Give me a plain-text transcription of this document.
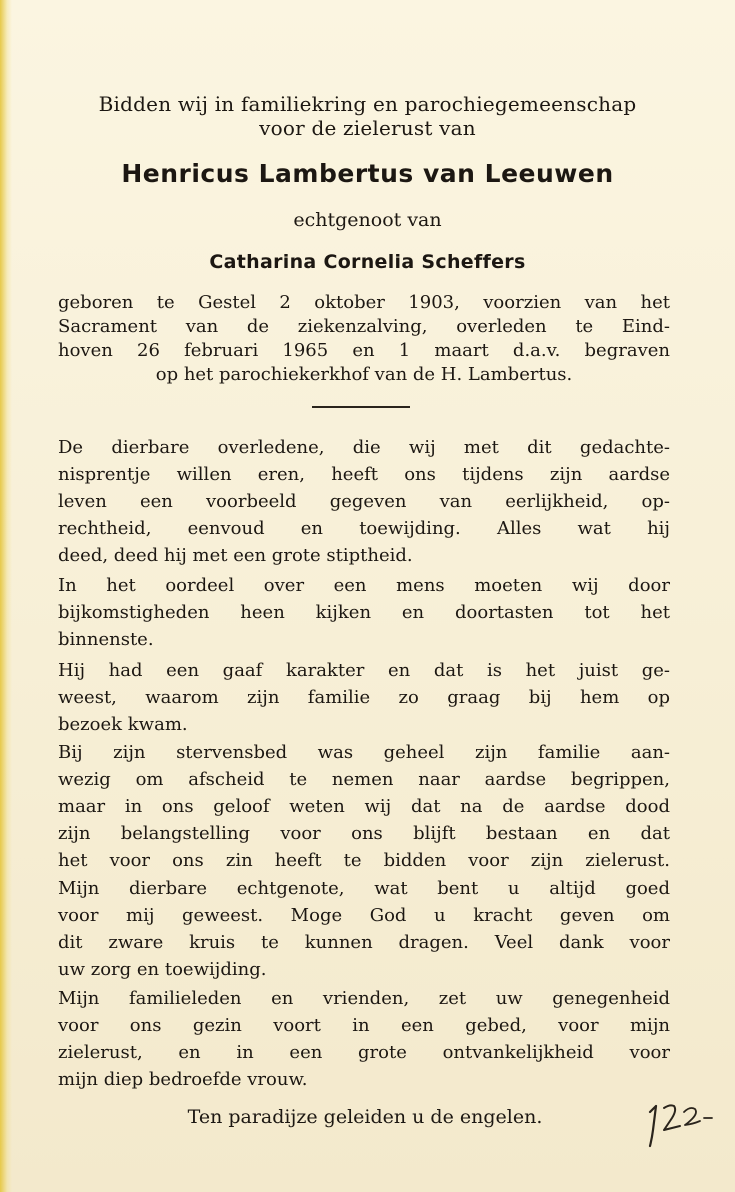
Bidden wij in familiekring en parochiegemeenschap
voor de zielerust van
Henricus Lambertus van Leeuwen
echtgenoot van
Catharina Cornelia Scheffers
geboren te Gestel 2 oktober 1903, voorzien van het
Sacrament van de ziekenzalving, overleden te Eind-
hoven 26 februari 1965 en 1 maart d.a.v. begraven
op het parochiekerkhof van de H. Lambertus.
De dierbare overledene, die wij met dit gedachte-
nisprentje willen eren, heeft ons tijdens zijn aardse
leven een voorbeeld gegeven van eerlijkheid, op-
rechtheid, eenvoud en toewijding. Alles wat hij
deed, deed hij met een grote stiptheid.
In het oordeel over een mens moeten wij door
bijkomstigheden heen kijken en doortasten tot het
binnenste.
Hij had een gaaf karakter en dat is het juist ge-
weest, waarom zijn familie zo graag bij hem op
bezoek kwam.
Bij zijn stervensbed was geheel zijn familie aan-
wezig om afscheid te nemen naar aardse begrippen,
maar in ons geloof weten wij dat na de aardse dood
zijn belangstelling voor ons blijft bestaan en dat
het voor ons zin heeft te bidden voor zijn zielerust.
Mijn dierbare echtgenote, wat bent u altijd goed
voor mij geweest. Moge God u kracht geven om
dit zware kruis te kunnen dragen. Veel dank voor
uw zorg en toewijding.
Mijn familieleden en vrienden, zet uw genegenheid
voor ons gezin voort in een gebed, voor mijn
zielerust, en in een grote ontvankelijkheid voor
mijn diep bedroefde vrouw.
Ten paradijze geleiden u de engelen.
